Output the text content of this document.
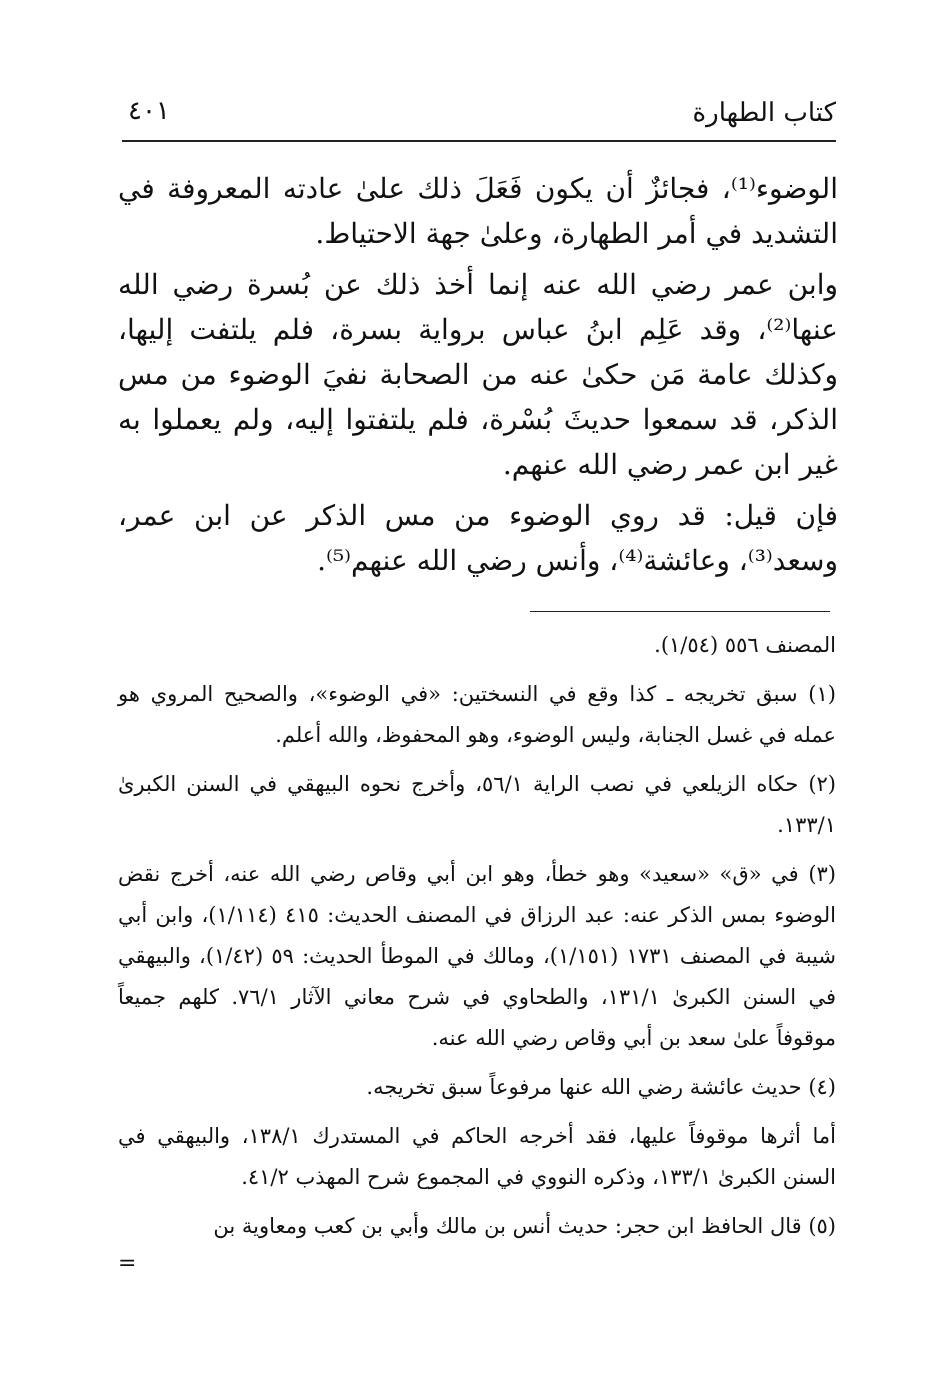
كتاب الطهارة
٤٠١

الوضوء⁽¹⁾، فجائزٌ أن يكون فَعَلَ ذلك علىٰ عادته المعروفة في التشديد في أمر الطهارة، وعلىٰ جهة الاحتياط.

وابن عمر رضي الله عنه إنما أخذ ذلك عن بُسرة رضي الله عنها⁽²⁾، وقد عَلِم ابنُ عباس برواية بسرة، فلم يلتفت إليها، وكذلك عامة مَن حكىٰ عنه من الصحابة نفيَ الوضوء من مس الذكر، قد سمعوا حديثَ بُسْرة، فلم يلتفتوا إليه، ولم يعملوا به غير ابن عمر رضي الله عنهم.

فإن قيل: قد روي الوضوء من مس الذكر عن ابن عمر، وسعد⁽³⁾، وعائشة⁽⁴⁾، وأنس رضي الله عنهم⁽⁵⁾.

المصنف ٥٥٦ (١/٥٤).

(١) سبق تخريجه ـ كذا وقع في النسختين: «في الوضوء»، والصحيح المروي هو عمله في غسل الجنابة، وليس الوضوء، وهو المحفوظ، والله أعلم.

(٢) حكاه الزيلعي في نصب الراية ٥٦/١، وأخرج نحوه البيهقي في السنن الكبرىٰ ١٣٣/١.

(٣) في «ق» «سعيد» وهو خطأ، وهو ابن أبي وقاص رضي الله عنه، أخرج نقض الوضوء بمس الذكر عنه: عبد الرزاق في المصنف الحديث: ٤١٥ (١/١١٤)، وابن أبي شيبة في المصنف ١٧٣١ (١/١٥١)، ومالك في الموطأ الحديث: ٥٩ (١/٤٢)، والبيهقي في السنن الكبرىٰ ١٣١/١، والطحاوي في شرح معاني الآثار ٧٦/١. كلهم جميعاً موقوفاً علىٰ سعد بن أبي وقاص رضي الله عنه.

(٤) حديث عائشة رضي الله عنها مرفوعاً سبق تخريجه.

أما أثرها موقوفاً عليها، فقد أخرجه الحاكم في المستدرك ١٣٨/١، والبيهقي في السنن الكبرىٰ ١٣٣/١، وذكره النووي في المجموع شرح المهذب ٤١/٢.

(٥) قال الحافظ ابن حجر: حديث أنس بن مالك وأبي بن كعب ومعاوية بن

=
